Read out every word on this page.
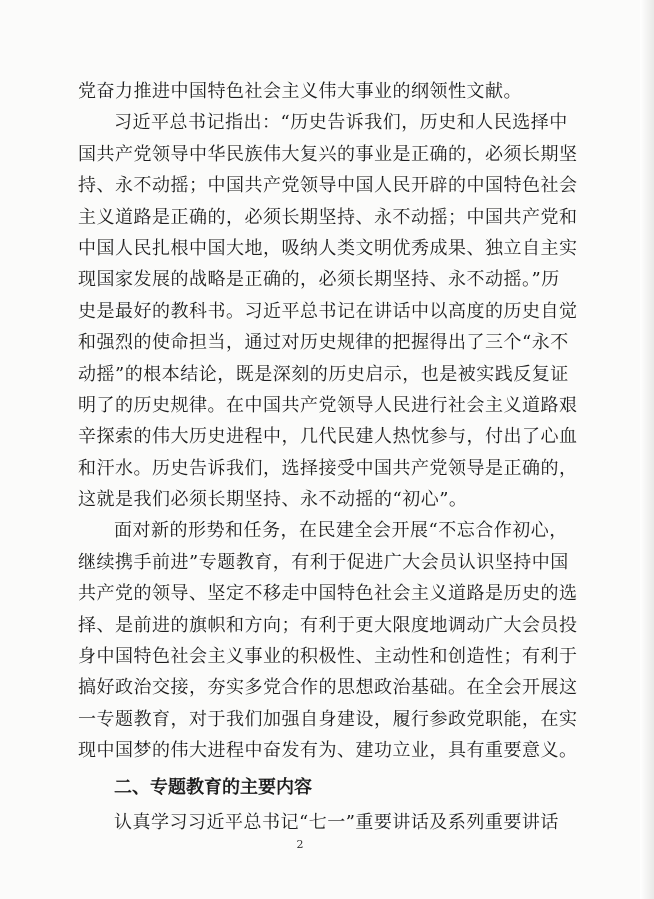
党奋力推进中国特色社会主义伟大事业的纲领性文献。
习近平总书记指出：“历史告诉我们，历史和人民选择中
国共产党领导中华民族伟大复兴的事业是正确的，必须长期坚
持、永不动摇；中国共产党领导中国人民开辟的中国特色社会
主义道路是正确的，必须长期坚持、永不动摇；中国共产党和
中国人民扎根中国大地，吸纳人类文明优秀成果、独立自主实
现国家发展的战略是正确的，必须长期坚持、永不动摇。”历
史是最好的教科书。习近平总书记在讲话中以高度的历史自觉
和强烈的使命担当，通过对历史规律的把握得出了三个“永不
动摇”的根本结论，既是深刻的历史启示，也是被实践反复证
明了的历史规律。在中国共产党领导人民进行社会主义道路艰
辛探索的伟大历史进程中，几代民建人热忱参与，付出了心血
和汗水。历史告诉我们，选择接受中国共产党领导是正确的，
这就是我们必须长期坚持、永不动摇的“初心”。
面对新的形势和任务，在民建全会开展“不忘合作初心，
继续携手前进”专题教育，有利于促进广大会员认识坚持中国
共产党的领导、坚定不移走中国特色社会主义道路是历史的选
择、是前进的旗帜和方向；有利于更大限度地调动广大会员投
身中国特色社会主义事业的积极性、主动性和创造性；有利于
搞好政治交接，夯实多党合作的思想政治基础。在全会开展这
一专题教育，对于我们加强自身建设，履行参政党职能，在实
现中国梦的伟大进程中奋发有为、建功立业，具有重要意义。
二、专题教育的主要内容
认真学习习近平总书记“七一”重要讲话及系列重要讲话
2
